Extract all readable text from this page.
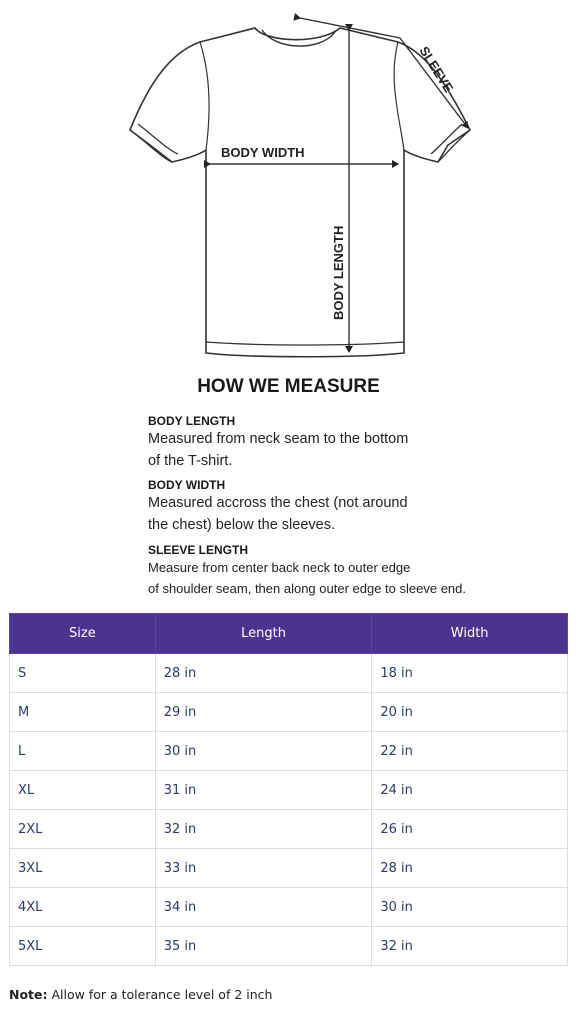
BODY WIDTH
BODY LENGTH
SLEEVE
HOW WE MEASURE
BODY LENGTH
Measured from neck seam to the bottom
of the T-shirt.
BODY WIDTH
Measured accross the chest (not around
the chest) below the sleeves.
SLEEVE LENGTH
Measure from center back neck to outer edge
of shoulder seam, then along outer edge to sleeve end.
Size	Length	Width
S	28 in	18 in
M	29 in	20 in
L	30 in	22 in
XL	31 in	24 in
2XL	32 in	26 in
3XL	33 in	28 in
4XL	34 in	30 in
5XL	35 in	32 in
Note: Allow for a tolerance level of 2 inch
